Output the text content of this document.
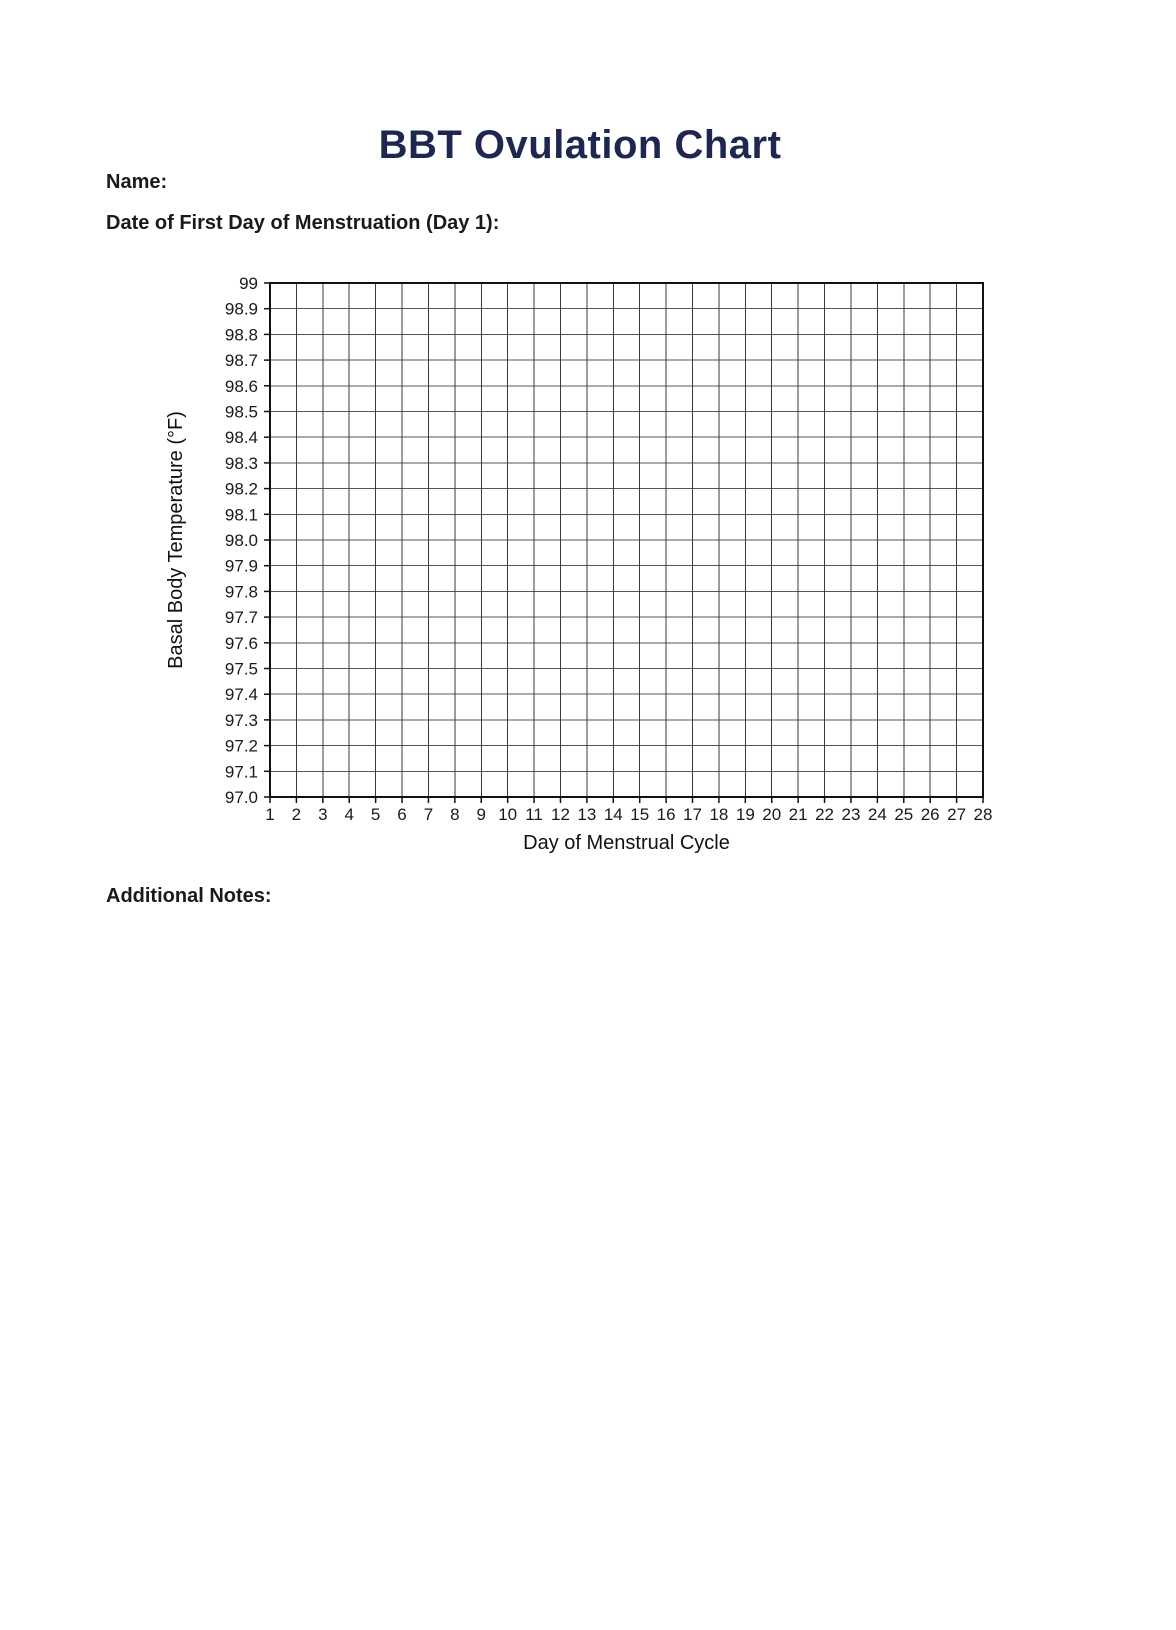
BBT Ovulation Chart
Name:
Date of First Day of Menstruation (Day 1):
99
98.9
98.8
98.7
98.6
98.5
98.4
98.3
98.2
98.1
98.0
97.9
97.8
97.7
97.6
97.5
97.4
97.3
97.2
97.1
97.0
1 2 3 4 5 6 7 8 9 10 11 12 13 14 15 16 17 18 19 20 21 22 23 24 25 26 27 28
Day of Menstrual Cycle
Basal Body Temperature (°F)
Additional Notes:
